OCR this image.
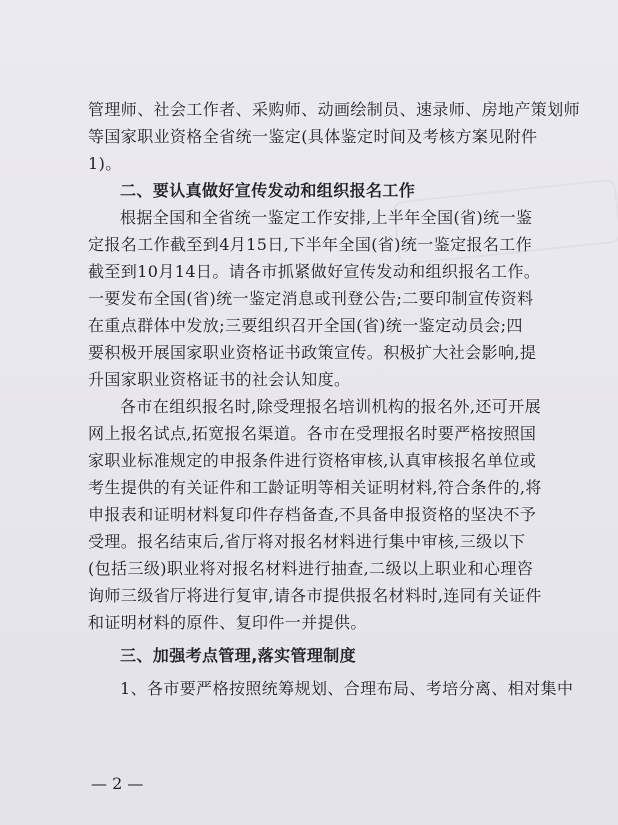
管理师、社会工作者、采购师、动画绘制员、速录师、房地产策划师
等国家职业资格全省统一鉴定(具体鉴定时间及考核方案见附件
1)。
二、要认真做好宣传发动和组织报名工作
根据全国和全省统一鉴定工作安排,上半年全国(省)统一鉴
定报名工作截至到4月15日,下半年全国(省)统一鉴定报名工作
截至到10月14日。请各市抓紧做好宣传发动和组织报名工作。
一要发布全国(省)统一鉴定消息或刊登公告;二要印制宣传资料
在重点群体中发放;三要组织召开全国(省)统一鉴定动员会;四
要积极开展国家职业资格证书政策宣传。积极扩大社会影响,提
升国家职业资格证书的社会认知度。
各市在组织报名时,除受理报名培训机构的报名外,还可开展
网上报名试点,拓宽报名渠道。各市在受理报名时要严格按照国
家职业标准规定的申报条件进行资格审核,认真审核报名单位或
考生提供的有关证件和工龄证明等相关证明材料,符合条件的,将
申报表和证明材料复印件存档备查,不具备申报资格的坚决不予
受理。报名结束后,省厅将对报名材料进行集中审核,三级以下
(包括三级)职业将对报名材料进行抽查,二级以上职业和心理咨
询师三级省厅将进行复审,请各市提供报名材料时,连同有关证件
和证明材料的原件、复印件一并提供。
三、加强考点管理,落实管理制度
1、各市要严格按照统筹规划、合理布局、考培分离、相对集中
— 2 —
